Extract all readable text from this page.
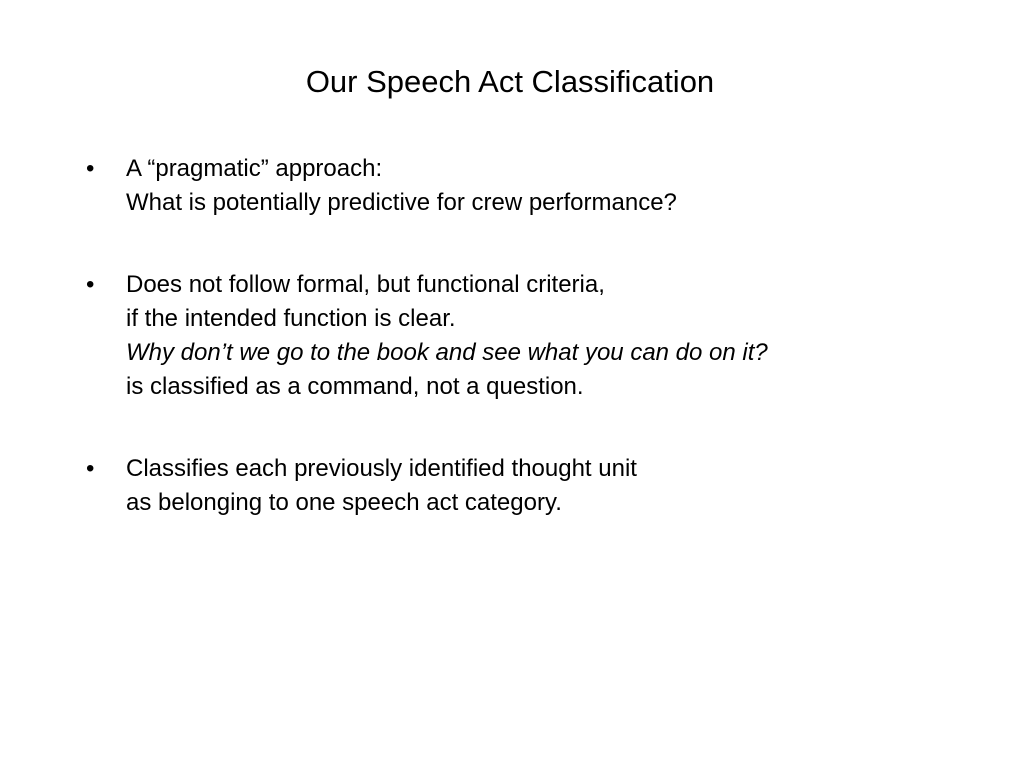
Our Speech Act Classification
•	A “pragmatic” approach:
What is potentially predictive for crew performance?
•	Does not follow formal, but functional criteria,
if the intended function is clear.
Why don’t we go to the book and see what you can do on it?
is classified as a command, not a question.
•	Classifies each previously identified thought unit
as belonging to one speech act category.
